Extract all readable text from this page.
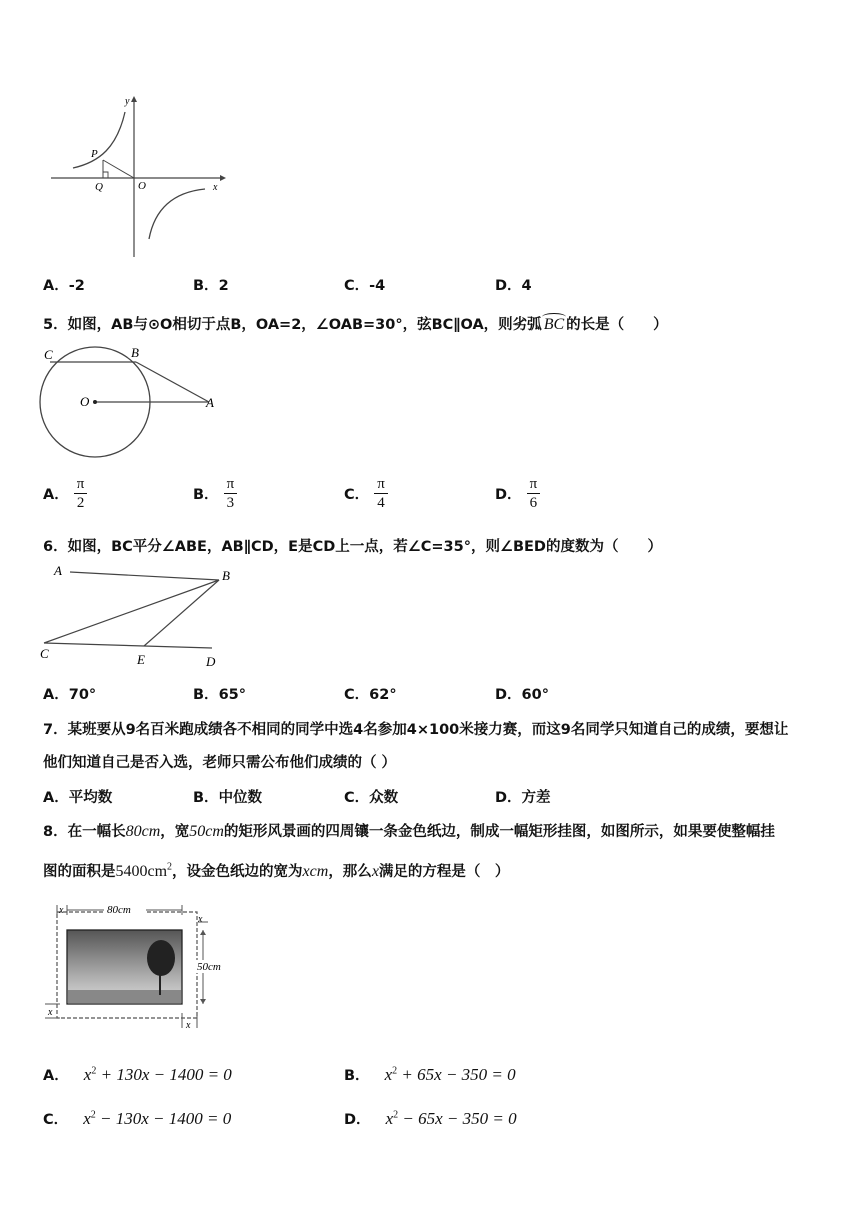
y
x
P
Q	O
A．-2	B．2	C．-4	D．4
5．如图，AB与⊙O相切于点B，OA=2，∠OAB=30°，弦BC∥OA，则劣弧 BC 的长是（　　）
C	B
O	A
A． $\frac{\pi}{2}$	B． $\frac{\pi}{3}$	C． $\frac{\pi}{4}$	D． $\frac{\pi}{6}$
6．如图，BC平分∠ABE，AB∥CD，E是CD上一点，若∠C=35°，则∠BED的度数为（　　）
A	B
C	E	D
A．70°	B．65°	C．62°	D．60°
7．某班要从9名百米跑成绩各不相同的同学中选4名参加4×100米接力赛，而这9名同学只知道自己的成绩，要想让
他们知道自己是否入选，老师只需公布他们成绩的（ ）
A．平均数	B．中位数	C．众数	D．方差
8．在一幅长80cm，宽50cm的矩形风景画的四周镶一条金色纸边，制成一幅矩形挂图，如图所示，如果要使整幅挂
图的面积是$5400cm^2$，设金色纸边的宽为xcm，那么x满足的方程是（　）
80cm
x
50cm
x
x
x
A． $x^2 + 130x - 1400 = 0$	B． $x^2 + 65x - 350 = 0$
C． $x^2 - 130x - 1400 = 0$	D． $x^2 - 65x - 350 = 0$
